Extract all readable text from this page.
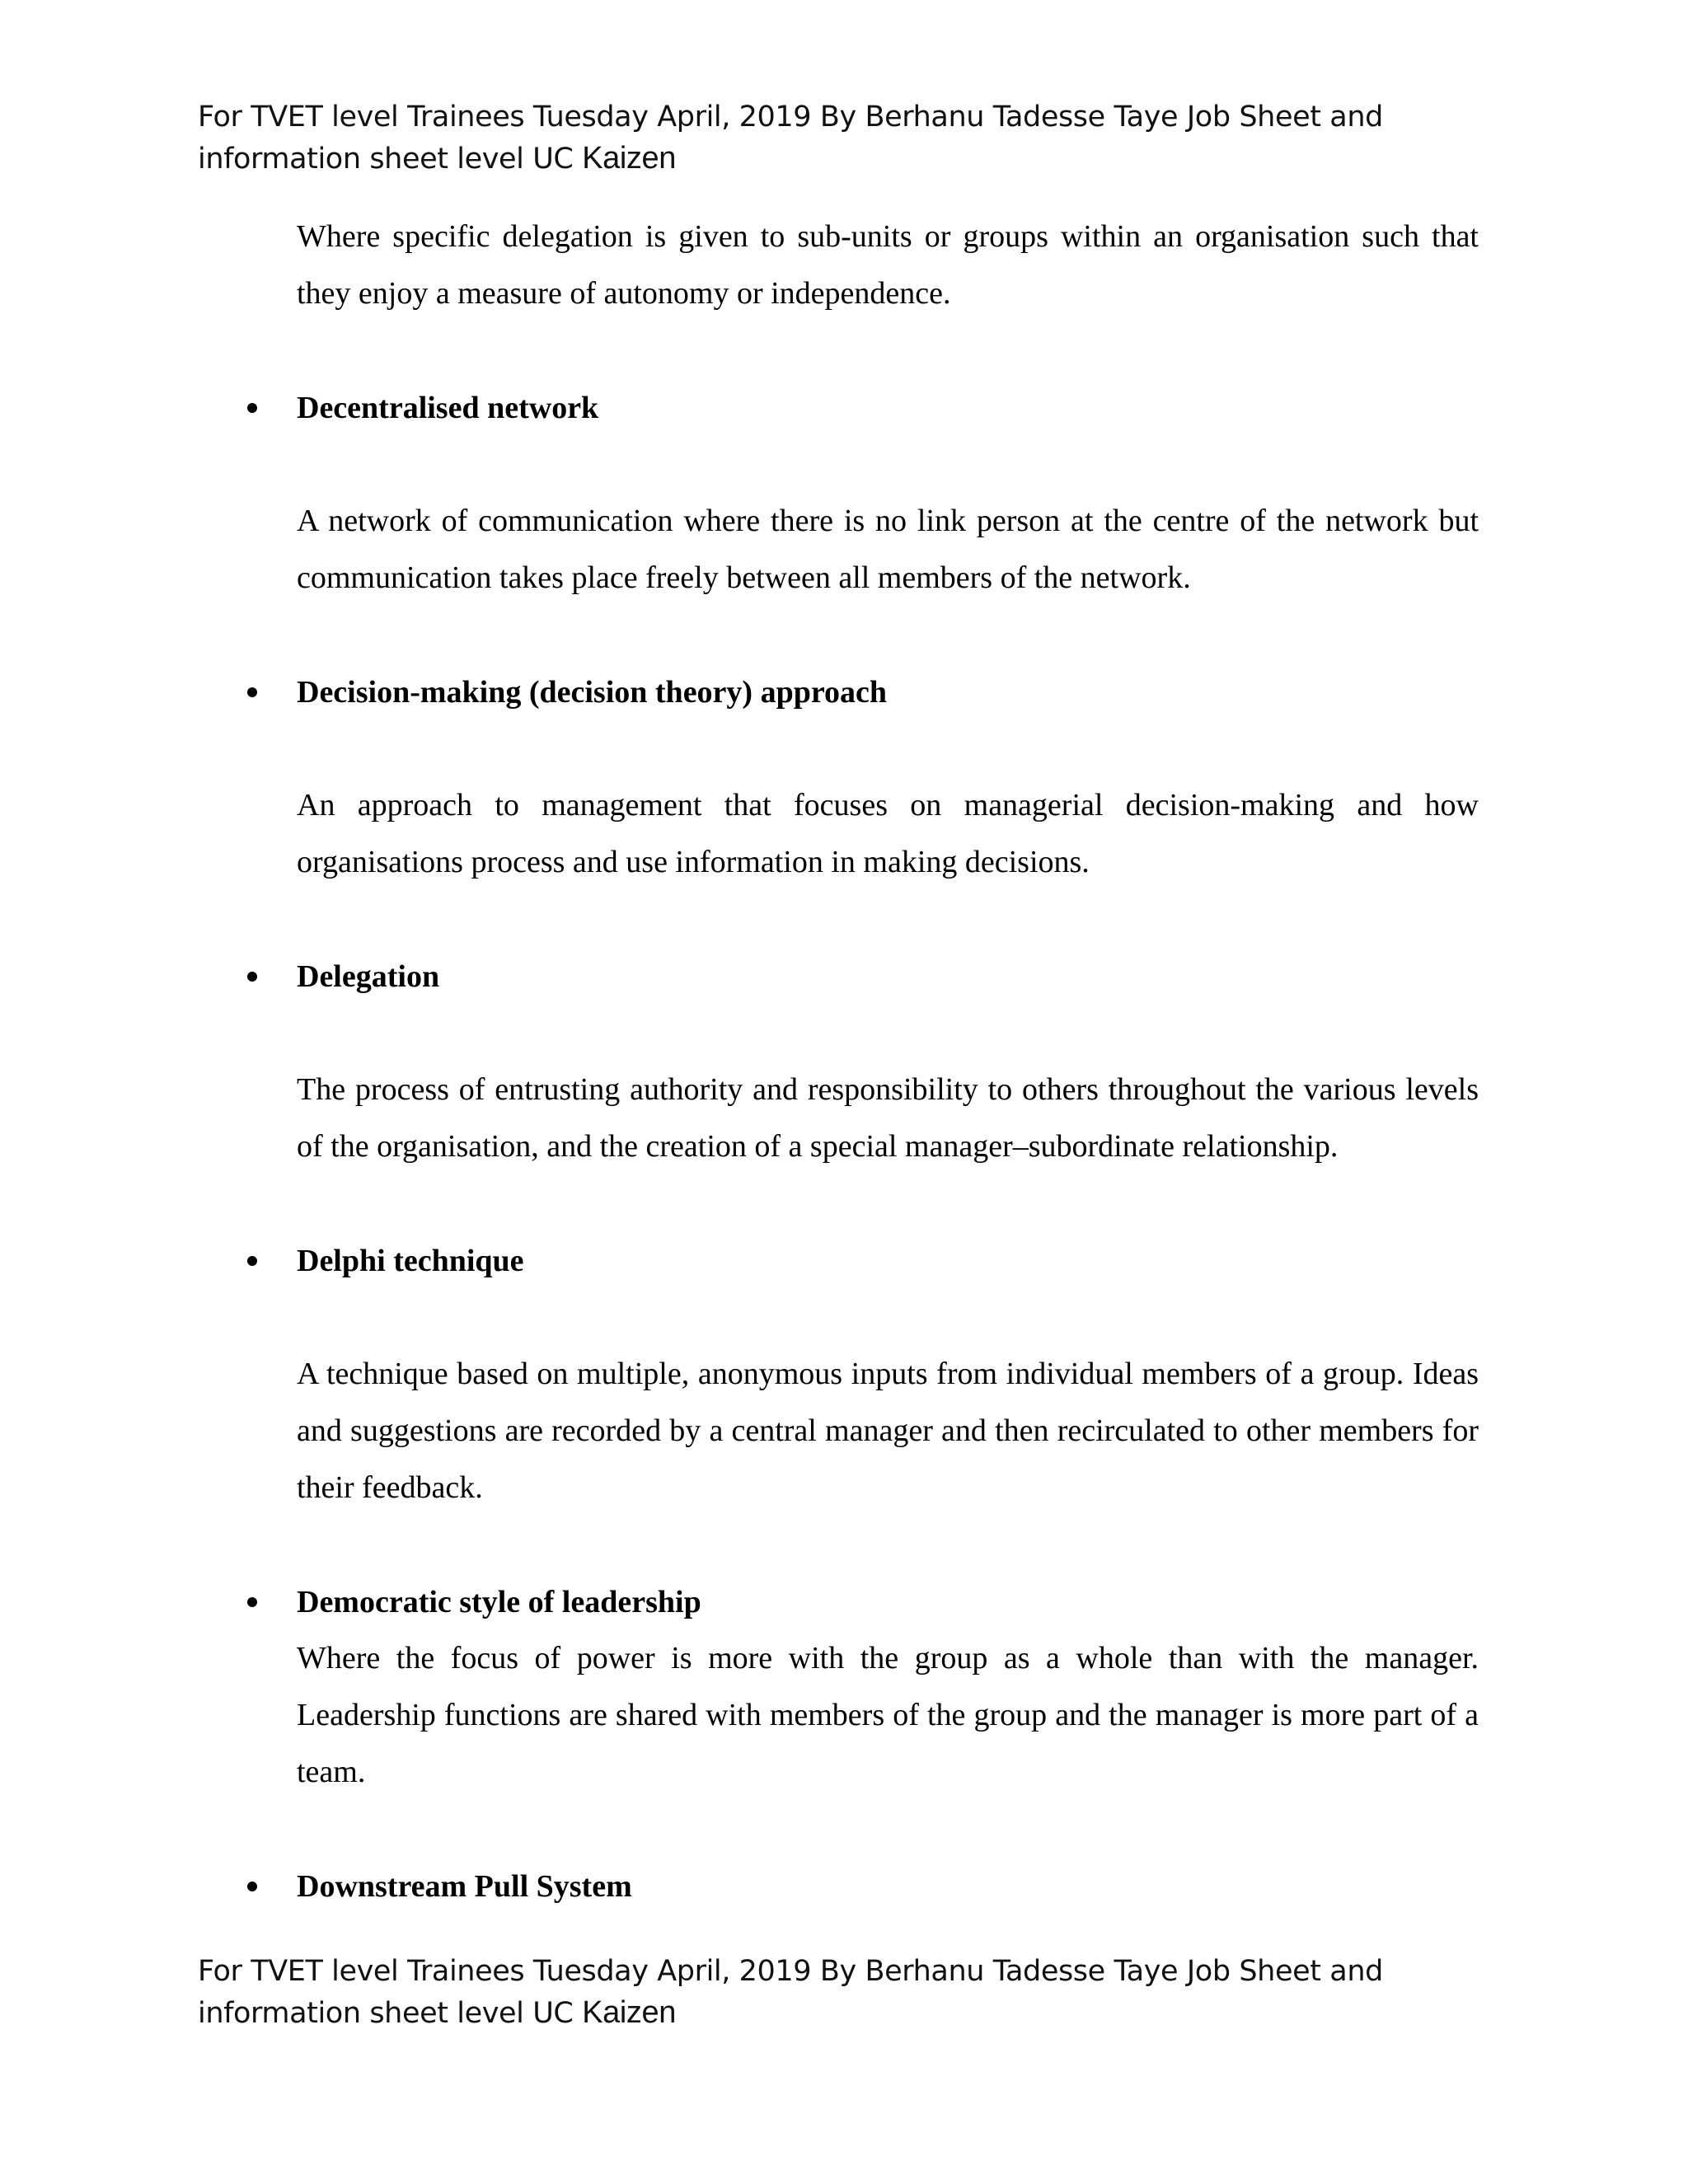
For TVET level Trainees Tuesday April, 2019 By Berhanu Tadesse Taye Job Sheet and
information sheet level UC Kaizen

Where specific delegation is given to sub-units or groups within an organisation such that they enjoy a measure of autonomy or independence.

Decentralised network

A network of communication where there is no link person at the centre of the network but communication takes place freely between all members of the network.

Decision-making (decision theory) approach

An approach to management that focuses on managerial decision-making and how organisations process and use information in making decisions.

Delegation

The process of entrusting authority and responsibility to others throughout the various levels of the organisation, and the creation of a special manager–subordinate relationship.

Delphi technique

A technique based on multiple, anonymous inputs from individual members of a group. Ideas and suggestions are recorded by a central manager and then recirculated to other members for their feedback.

Democratic style of leadership

Where the focus of power is more with the group as a whole than with the manager. Leadership functions are shared with members of the group and the manager is more part of a team.

Downstream Pull System
For TVET level Trainees Tuesday April, 2019 By Berhanu Tadesse Taye Job Sheet and
information sheet level UC Kaizen
